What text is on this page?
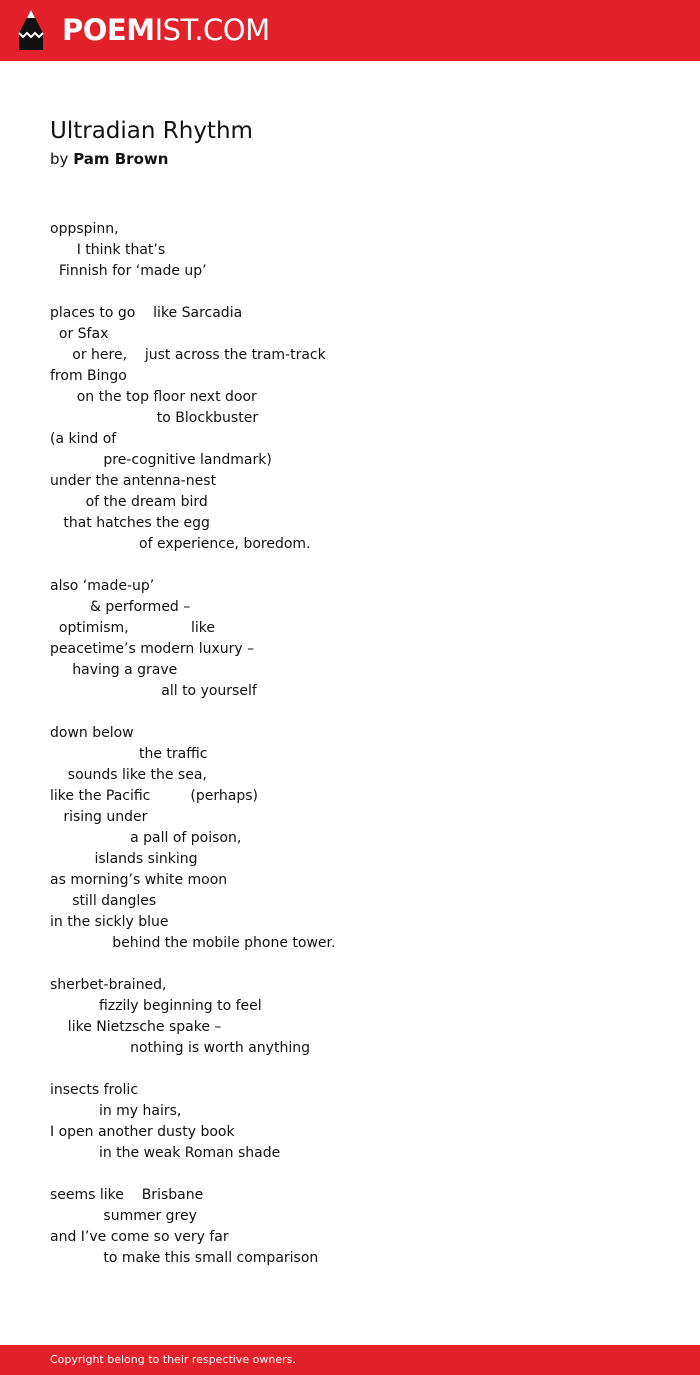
POEMIST.COM
Ultradian Rhythm
by Pam Brown
oppspinn,
I think that’s
Finnish for ‘made up’
places to go    like Sarcadia
or Sfax
or here,    just across the tram-track
from Bingo
on the top floor next door
to Blockbuster
(a kind of
pre-cognitive landmark)
under the antenna-nest
of the dream bird
that hatches the egg
of experience, boredom.
also ‘made-up’
& performed –
optimism,              like
peacetime’s modern luxury –
having a grave
all to yourself
down below
the traffic
sounds like the sea,
like the Pacific         (perhaps)
rising under
a pall of poison,
islands sinking
as morning’s white moon
still dangles
in the sickly blue
behind the mobile phone tower.
sherbet-brained,
fizzily beginning to feel
like Nietzsche spake –
nothing is worth anything
insects frolic
in my hairs,
I open another dusty book
in the weak Roman shade
seems like    Brisbane
summer grey
and I’ve come so very far
to make this small comparison
Copyright belong to their respective owners.
